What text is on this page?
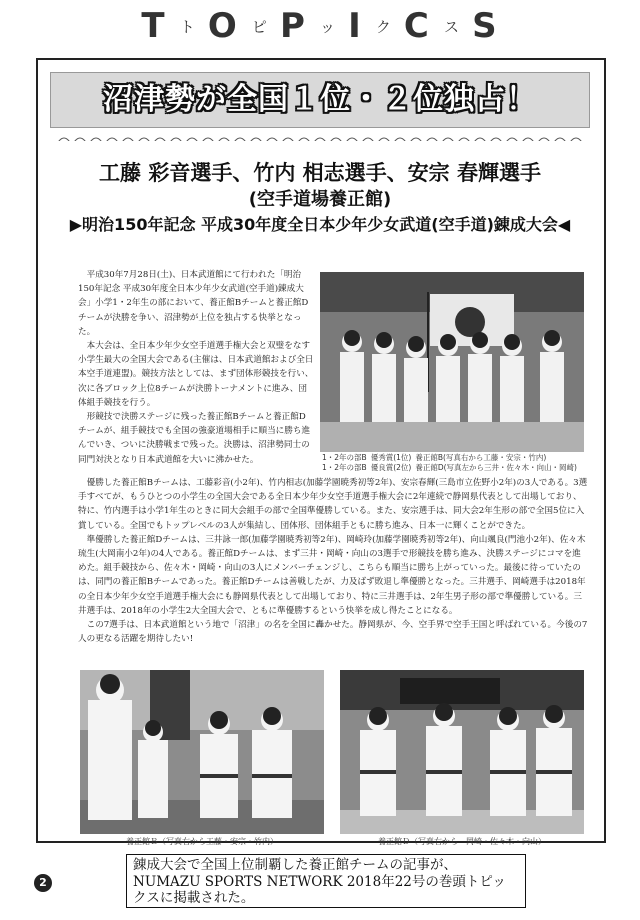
T ト O ピ P ッ I ク C ス S
沼津勢が全国１位・２位独占！
工藤 彩音選手、竹内 相志選手、安宗 春輝選手
(空手道場養正館)
▶明治150年記念 平成30年度全日本少年少女武道(空手道)錬成大会◀

平成30年7月28日(土)、日本武道館にて行われた「明治150年記念 平成30年度全日本少年少女武道(空手道)錬成大会」小学1・2年生の部において、養正館Bチームと養正館Dチームが決勝を争い、沼津勢が上位を独占する快挙となった。

本大会は、全日本少年少女空手道選手権大会と双璧をなす小学生最大の全国大会である(主催は、日本武道館および全日本空手道連盟)。競技方法としては、まず団体形競技を行い、次に各ブロック上位8チームが決勝トーナメントに進み、団体組手競技を行う。

形競技で決勝ステージに残った養正館Bチームと養正館Dチームが、組手競技でも全国の強豪道場相手に順当に勝ち進んでいき、ついに決勝戦まで残った。決勝は、沼津勢同士の同門対決となり日本武道館を大いに沸かせた。	1・2年の部B 優秀賞(1位) 養正館B(写真右から工藤・安宗・竹内)
1・2年の部B 優良賞(2位) 養正館D(写真左から三井・佐々木・向山・岡崎)

優勝した養正館Bチームは、工藤彩音(小2年)、竹内相志(加藤学園暁秀初等2年)、安宗春輝(三島市立佐野小2年)の3人である。3選手すべてが、もうひとつの小学生の全国大会である全日本少年少女空手道選手権大会に2年連続で静岡県代表として出場しており、特に、竹内選手は小学1年生のときに同大会組手の部で全国準優勝している。また、安宗選手は、同大会2年生形の部で全国5位に入賞している。全国でもトップレベルの3人が集結し、団体形、団体組手ともに勝ち進み、日本一に輝くことができた。

準優勝した養正館Dチームは、三井詠一郎(加藤学園暁秀初等2年)、岡崎玲(加藤学園暁秀初等2年)、向山颯良(門池小2年)、佐々木琉生(大岡南小2年)の4人である。養正館Dチームは、まず三井・岡崎・向山の3選手で形競技を勝ち進み、決勝ステージにコマを進めた。組手競技から、佐々木・岡崎・向山の3人にメンバーチェンジし、こちらも順当に勝ち上がっていった。最後に待っていたのは、同門の養正館Bチームであった。養正館Dチームは善戦したが、力及ばず敗退し準優勝となった。三井選手、岡崎選手は2018年の全日本少年少女空手道選手権大会にも静岡県代表として出場しており、特に三井選手は、2年生男子形の部で準優勝している。三井選手は、2018年の小学生2大全国大会で、ともに準優勝するという快挙を成し得たことになる。

この7選手は、日本武道館という地で「沼津」の名を全国に轟かせた。静岡県が、今、空手界で空手王国と呼ばれている。今後の7人の更なる活躍を期待したい!

養正館Ｂ（写真右から工藤・安宗・竹内）	養正館Ｄ（写真右から　岡崎・佐々木・向山）
2
錬成大会で全国上位制覇した養正館チームの記事が、NUMAZU SPORTS NETWORK 2018年22号の巻頭トピックスに掲載された。
